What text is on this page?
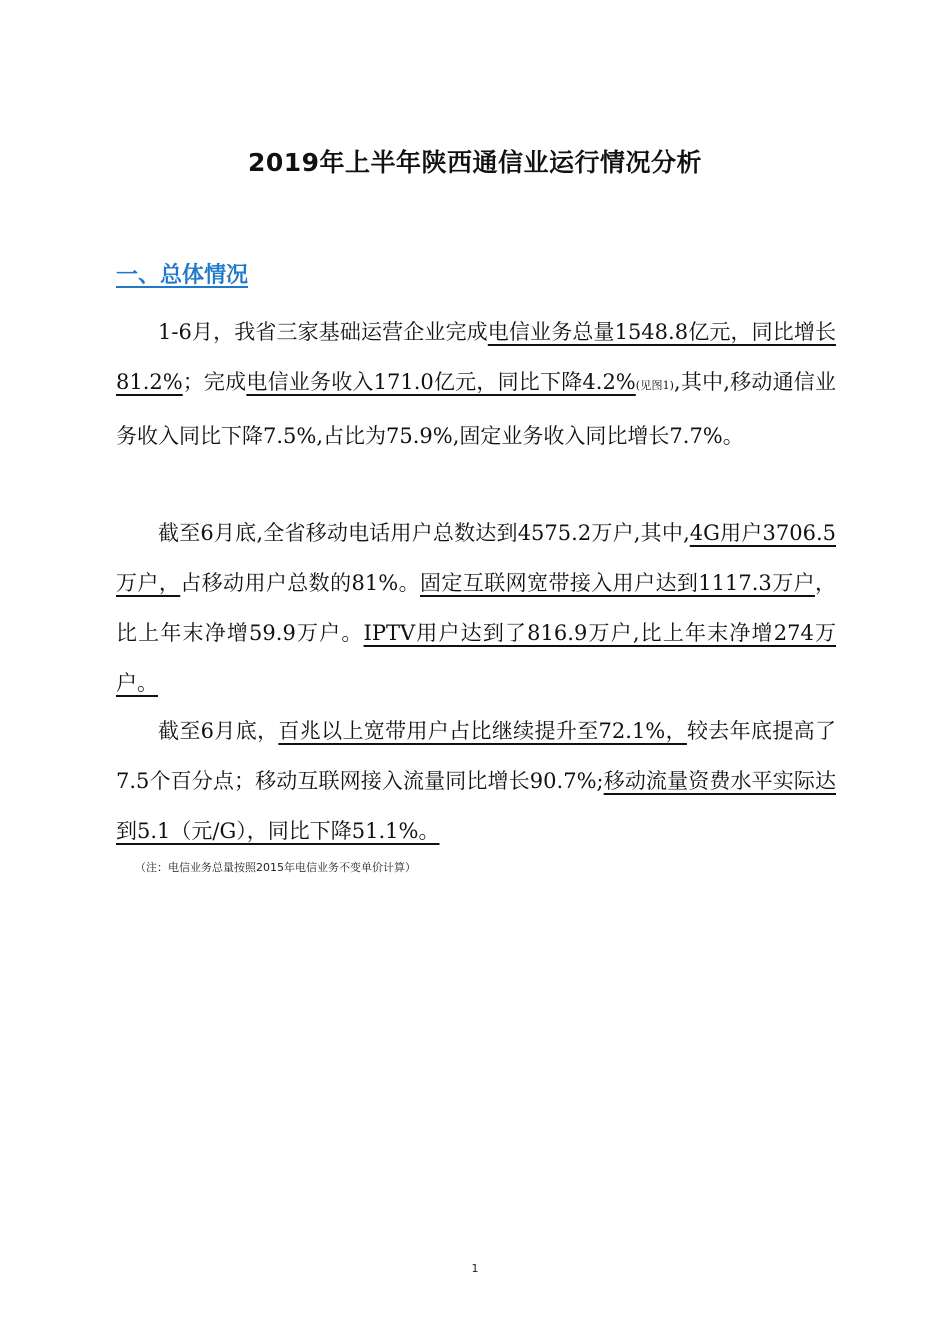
2019年上半年陕西通信业运行情况分析
一、总体情况

1-6月，我省三家基础运营企业完成电信业务总量1548.8亿元，同比增长81.2%；完成电信业务收入171.0亿元，同比下降4.2%(见图1),其中,移动通信业务收入同比下降7.5%,占比为75.9%,固定业务收入同比增长7.7%。

截至6月底,全省移动电话用户总数达到4575.2万户,其中,4G用户3706.5万户，占移动用户总数的81%。固定互联网宽带接入用户达到1117.3万户，比上年末净增59.9万户。IPTV用户达到了816.9万户,比上年末净增274万户。

截至6月底，百兆以上宽带用户占比继续提升至72.1%，较去年底提高了7.5个百分点；移动互联网接入流量同比增长90.7%;移动流量资费水平实际达到5.1（元/G），同比下降51.1%。

（注：电信业务总量按照2015年电信业务不变单价计算）

1
